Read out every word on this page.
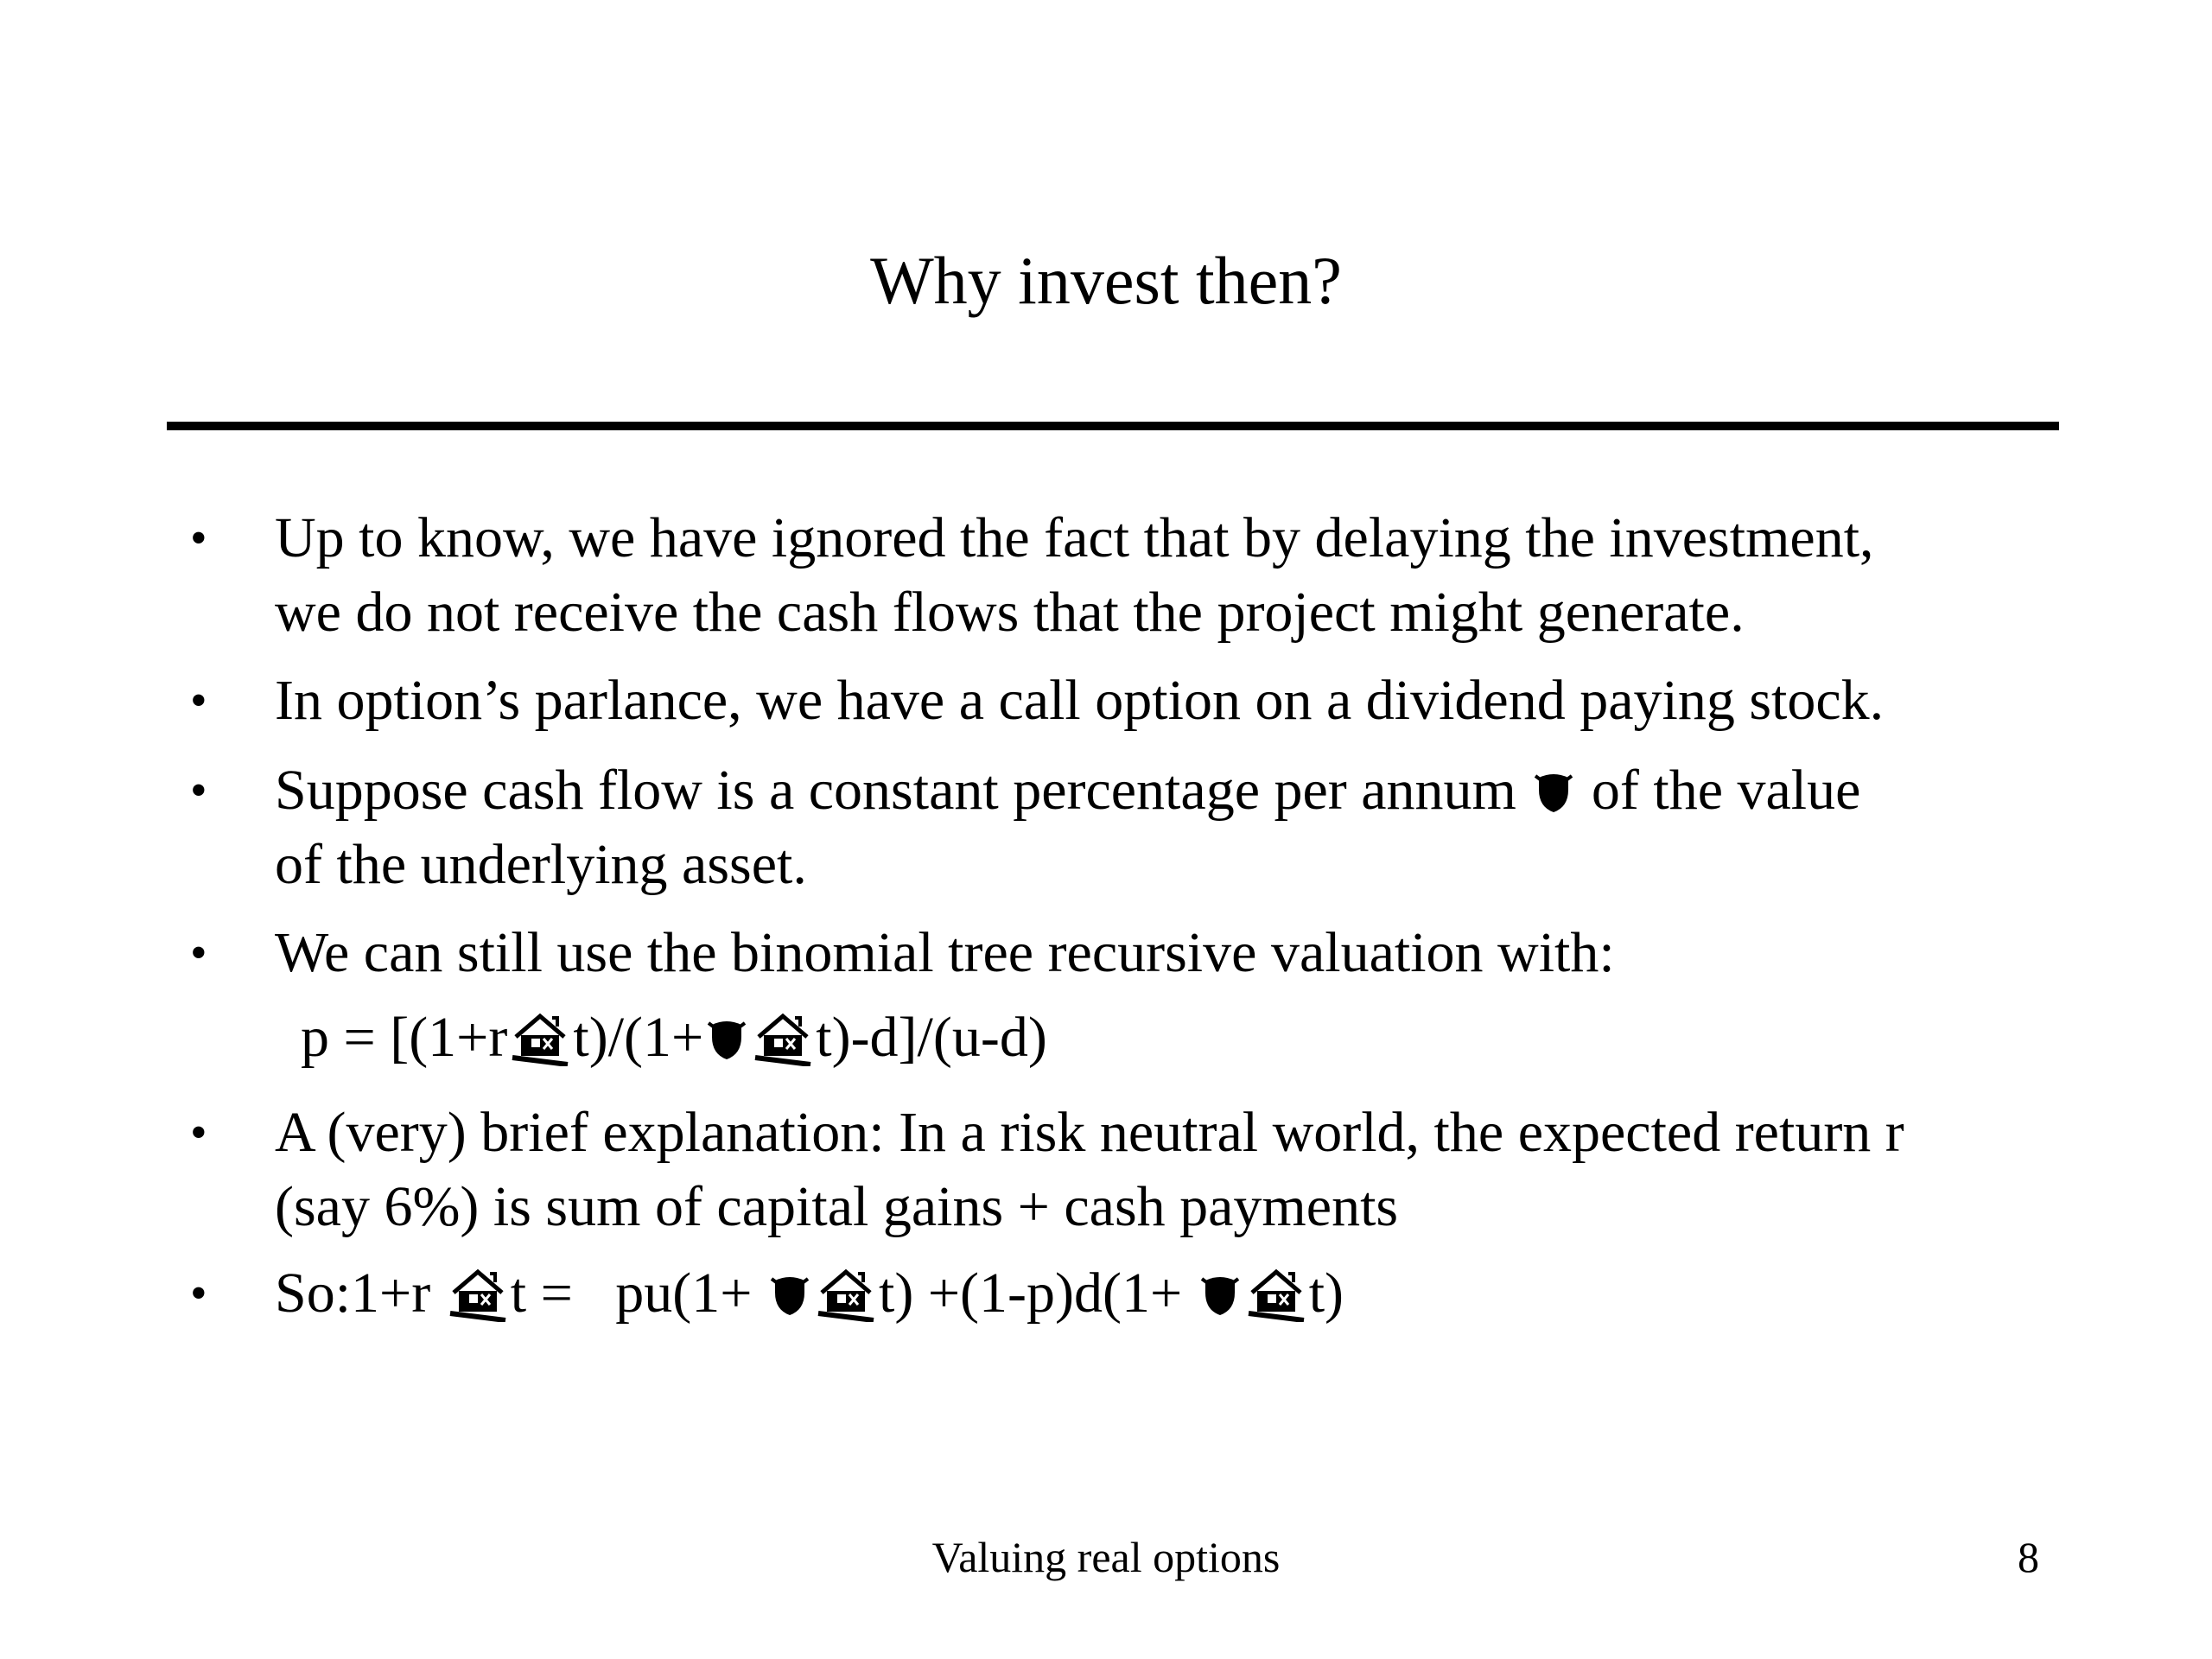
Why invest then?
• Up to know, we have ignored the fact that by delaying the investment,
we do not receive the cash flows that the project might generate.
• In option’s parlance, we have a call option on a dividend paying stock.
• Suppose cash flow is a constant percentage per annum  of the value
of the underlying asset.
• We can still use the binomial tree recursive valuation with:
• A (very) brief explanation: In a risk neutral world, the expected return r
(say 6%) is sum of capital gains + cash payments
• So:1+r t =   pu(1+ t) +(1-p)d(1+ t)
p = [(1+r t)/(1+ t)-d]/(u-d)
Valuing real options	8
